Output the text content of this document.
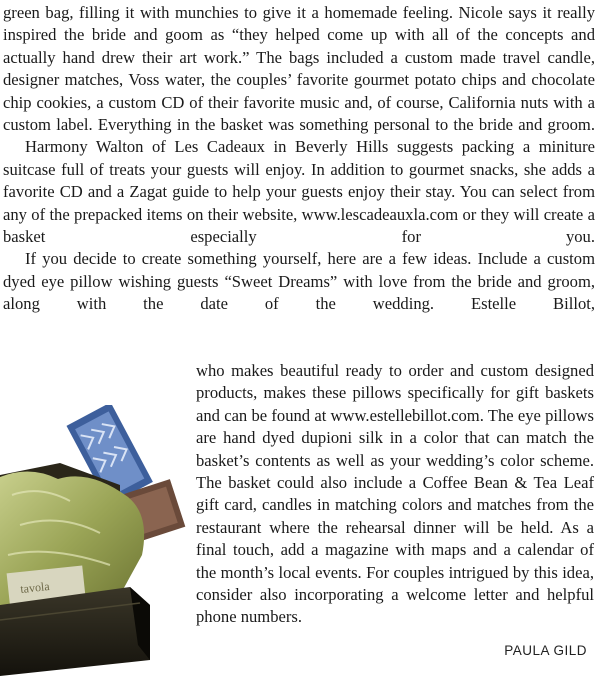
green bag, filling it with munchies to give it a homemade feeling. Nicole says it really inspired the bride and goom as “they helped come up with all of the concepts and actually hand drew their art work.” The bags included a custom made travel candle, designer matches, Voss water, the couples’ favorite gourmet potato chips and chocolate chip cookies, a custom CD of their favorite music and, of course, California nuts with a custom label. Everything in the basket was something personal to the bride and groom.

Harmony Walton of Les Cadeaux in Beverly Hills suggests packing a miniture suitcase full of treats your guests will enjoy. In addition to gourmet snacks, she adds a favorite CD and a Zagat guide to help your guests enjoy their stay. You can select from any of the prepacked items on their website, www.lescadeauxla.com or they will create a basket especially for you.

If you decide to create something yourself, here are a few ideas. Include a custom dyed eye pillow wishing guests “Sweet Dreams” with love from the bride and groom, along with the date of the wedding. Estelle Billot,

who makes beautiful ready to order and custom designed products, makes these pillows specifically for gift baskets and can be found at www.estellebillot.com. The eye pillows are hand dyed dupioni silk in a color that can match the basket’s contents as well as your wedding’s color scheme. The basket could also include a Coffee Bean & Tea Leaf gift card, candles in matching colors and matches from the restaurant where the rehearsal dinner will be held. As a final touch, add a magazine with maps and a calendar of the month’s local events. For couples intrigued by this idea, consider also incorporating a welcome letter and helpful phone numbers.

tavola
PAULA GILD
